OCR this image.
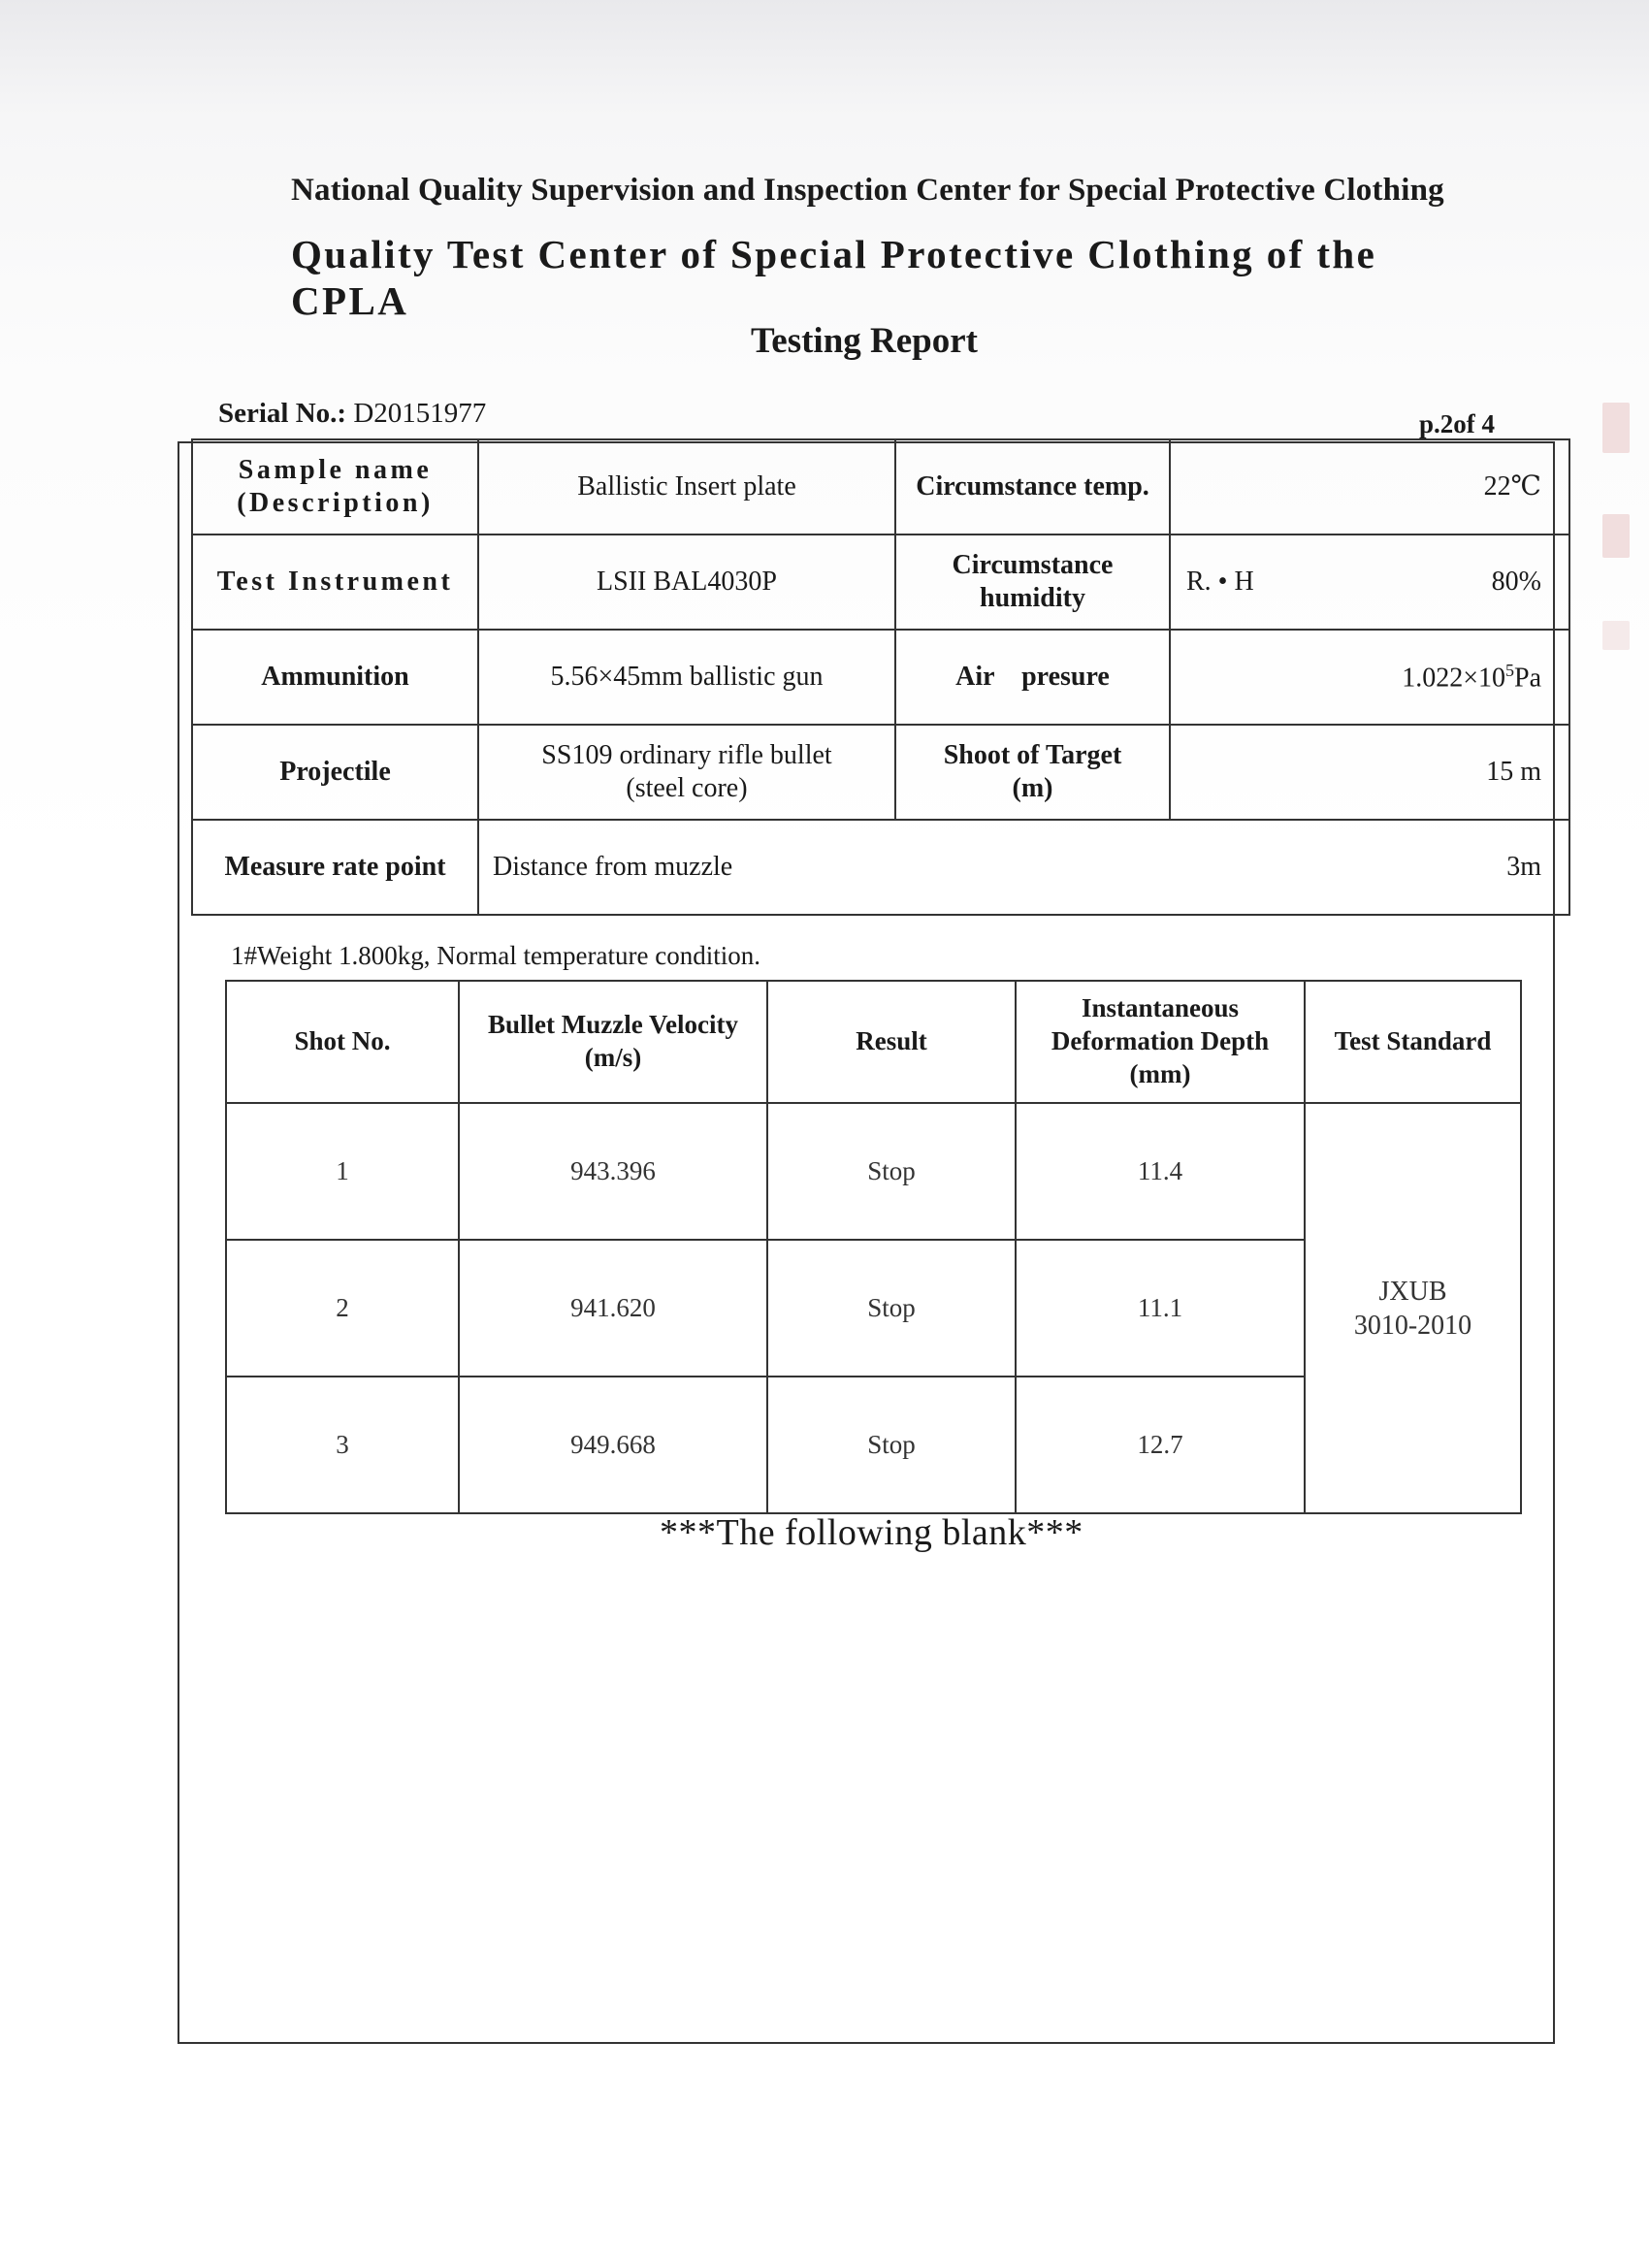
National Quality Supervision and Inspection Center for Special Protective Clothing
Quality Test Center of Special Protective Clothing of the CPLA
Testing Report
Serial No.: D20151977	p.2of 4
Sample name (Description)	Ballistic Insert plate	Circumstance temp.	22℃
Test Instrument	LSII BAL4030P	Circumstance humidity	R. • H 80%

Ammunition	5.56×45mm ballistic gun	Air    presure	$1.022\times 10^5Pa$
Projectile	SS109 ordinary rifle bullet (steel core)	Shoot of Target (m)	15 m
Measure rate point	Distance from muzzle 3m		
1#Weight 1.800kg, Normal temperature condition.
Shot No.	Bullet Muzzle Velocity (m/s)	Result	Instantaneous Deformation Depth (mm)	Test Standard
1	943.396	Stop	11.4	JXUB 3010-2010
2	941.620	Stop	11.1	
3	949.668	Stop	12.7	
***The following blank***
